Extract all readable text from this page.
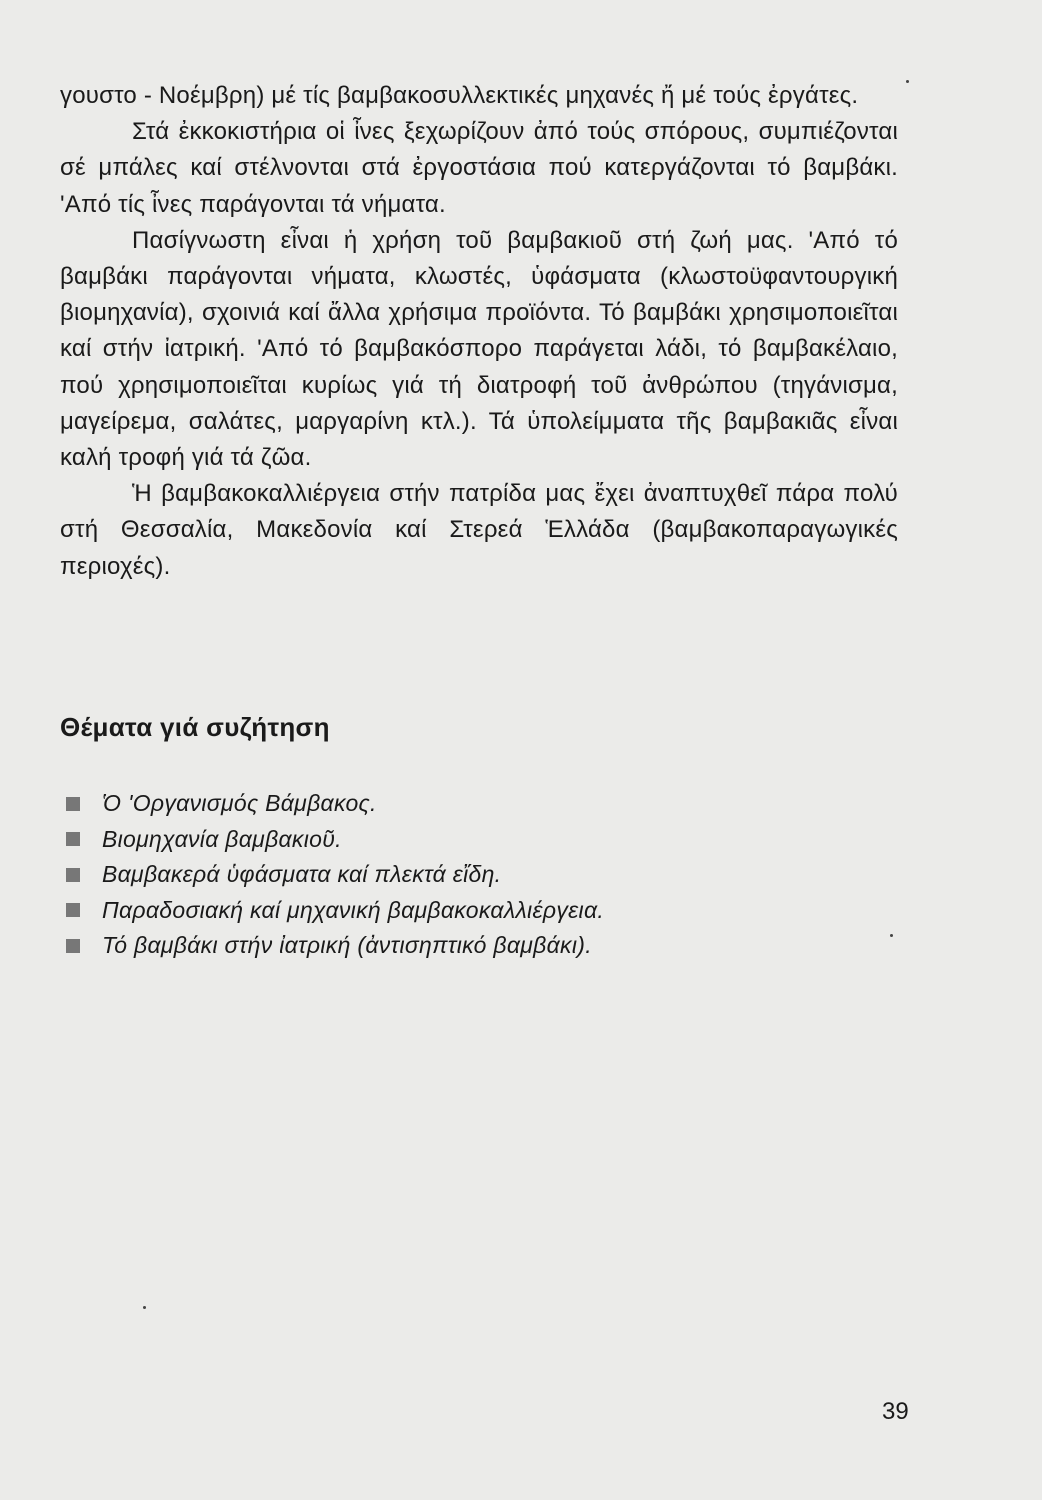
γουστο - Νοέμβρη) μέ τίς βαμβακοσυλλεκτικές μηχανές ἤ μέ τούς ἐργάτες.

Στά ἐκκοκιστήρια οἱ ἶνες ξεχωρίζουν ἀπό τούς σπόρους, συμπιέζονται σέ μπάλες καί στέλνονται στά ἐργοστάσια πού κατεργάζονται τό βαμβάκι. 'Από τίς ἶνες παράγονται τά νήματα.

Πασίγνωστη εἶναι ἡ χρήση τοῦ βαμβακιοῦ στή ζωή μας. 'Από τό βαμβάκι παράγονται νήματα, κλωστές, ὑφάσματα (κλωστοϋφαντουργική βιομηχανία), σχοινιά καί ἄλλα χρήσιμα προϊόντα. Τό βαμβάκι χρησιμοποιεῖται καί στήν ἰατρική. 'Από τό βαμβακόσπορο παράγεται λάδι, τό βαμβακέλαιο, πού χρησιμοποιεῖται κυρίως γιά τή διατροφή τοῦ ἀνθρώπου (τηγάνισμα, μαγείρεμα, σαλάτες, μαργαρίνη κτλ.). Τά ὑπολείμματα τῆς βαμβακιᾶς εἶναι καλή τροφή γιά τά ζῶα.

Ἡ βαμβακοκαλλιέργεια στήν πατρίδα μας ἔχει ἀναπτυχθεῖ πάρα πολύ στή Θεσσαλία, Μακεδονία καί Στερεά Ἑλλάδα (βαμβακοπαραγωγικές περιοχές).

Θέματα γιά συζήτηση
Ὁ 'Οργανισμός Βάμβακος.
Βιομηχανία βαμβακιοῦ.
Βαμβακερά ὑφάσματα καί πλεκτά εἴδη.
Παραδοσιακή καί μηχανική βαμβακοκαλλιέργεια.
Τό βαμβάκι στήν ἰατρική (ἀντισηπτικό βαμβάκι).
39
